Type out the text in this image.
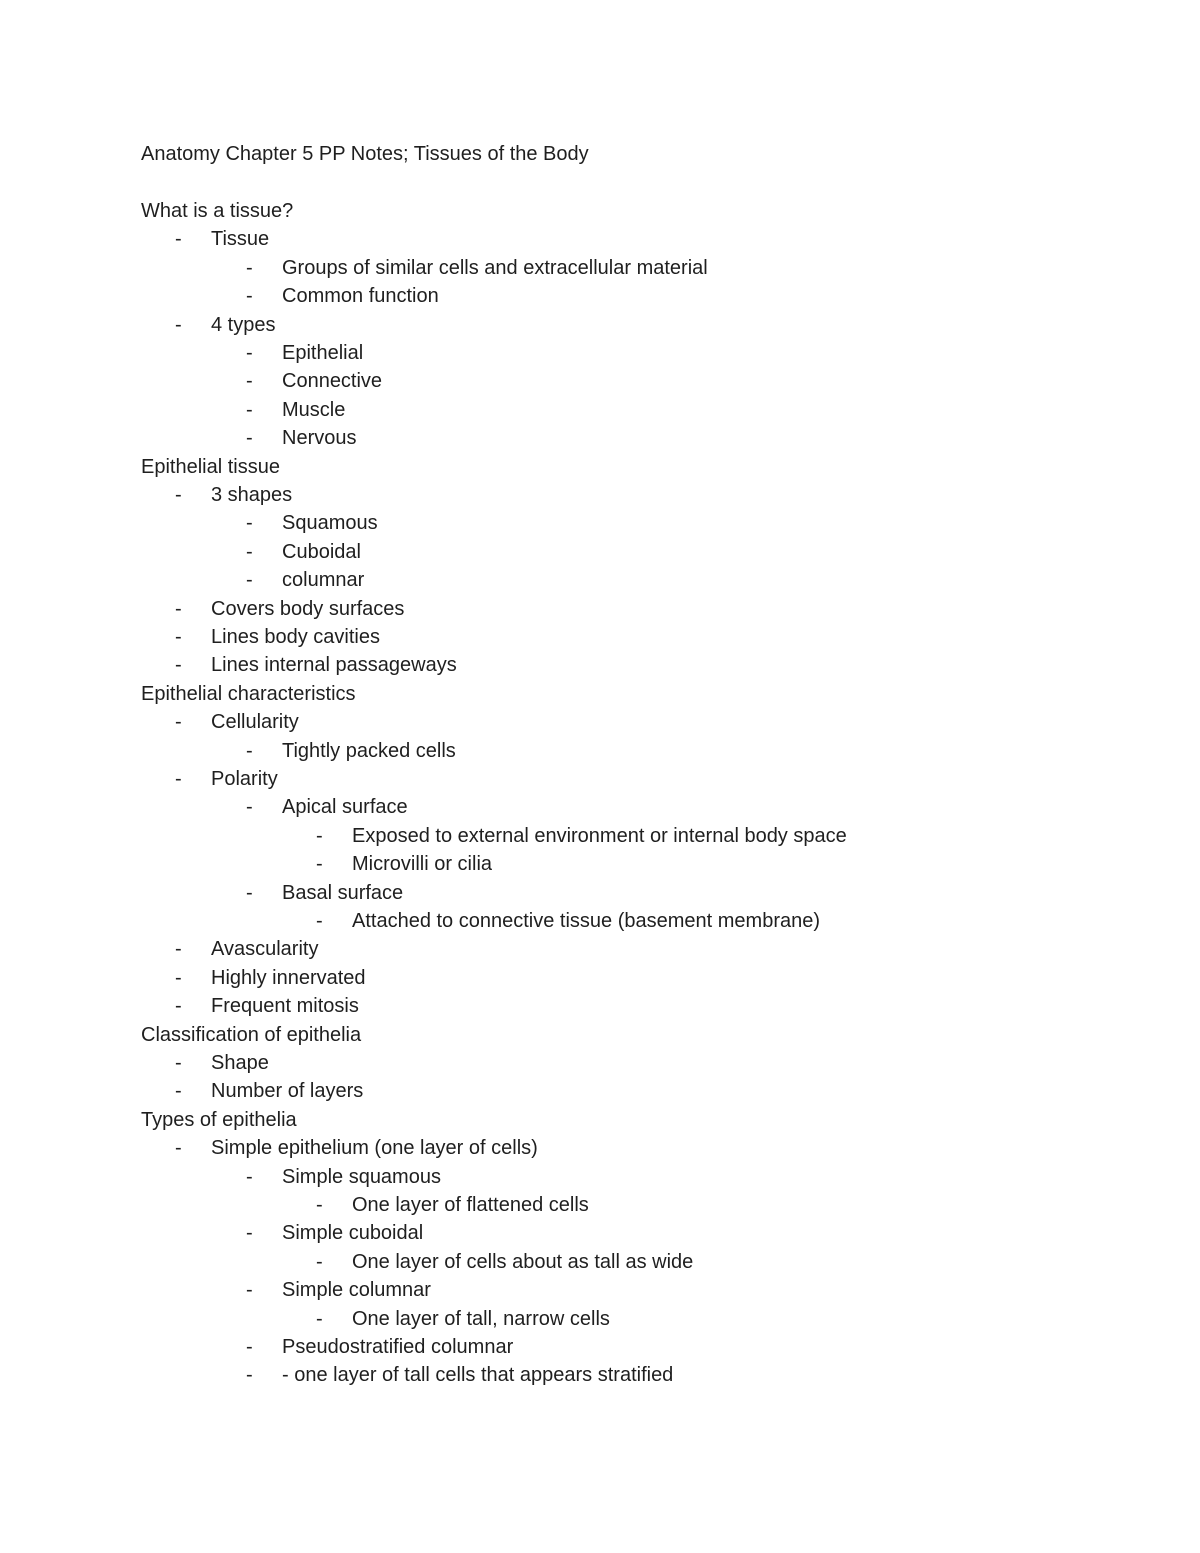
Anatomy Chapter 5 PP Notes; Tissues of the Body
What is a tissue?
- Tissue
- Groups of similar cells and extracellular material
- Common function
- 4 types
- Epithelial
- Connective
- Muscle
- Nervous
Epithelial tissue
- 3 shapes
- Squamous
- Cuboidal
- columnar
- Covers body surfaces
- Lines body cavities
- Lines internal passageways
Epithelial characteristics
- Cellularity
- Tightly packed cells
- Polarity
- Apical surface
- Exposed to external environment or internal body space
- Microvilli or cilia
- Basal surface
- Attached to connective tissue (basement membrane)
- Avascularity
- Highly innervated
- Frequent mitosis
Classification of epithelia
- Shape
- Number of layers
Types of epithelia
- Simple epithelium (one layer of cells)
- Simple squamous
- One layer of flattened cells
- Simple cuboidal
- One layer of cells about as tall as wide
- Simple columnar
- One layer of tall, narrow cells
- Pseudostratified columnar
- - one layer of tall cells that appears stratified
